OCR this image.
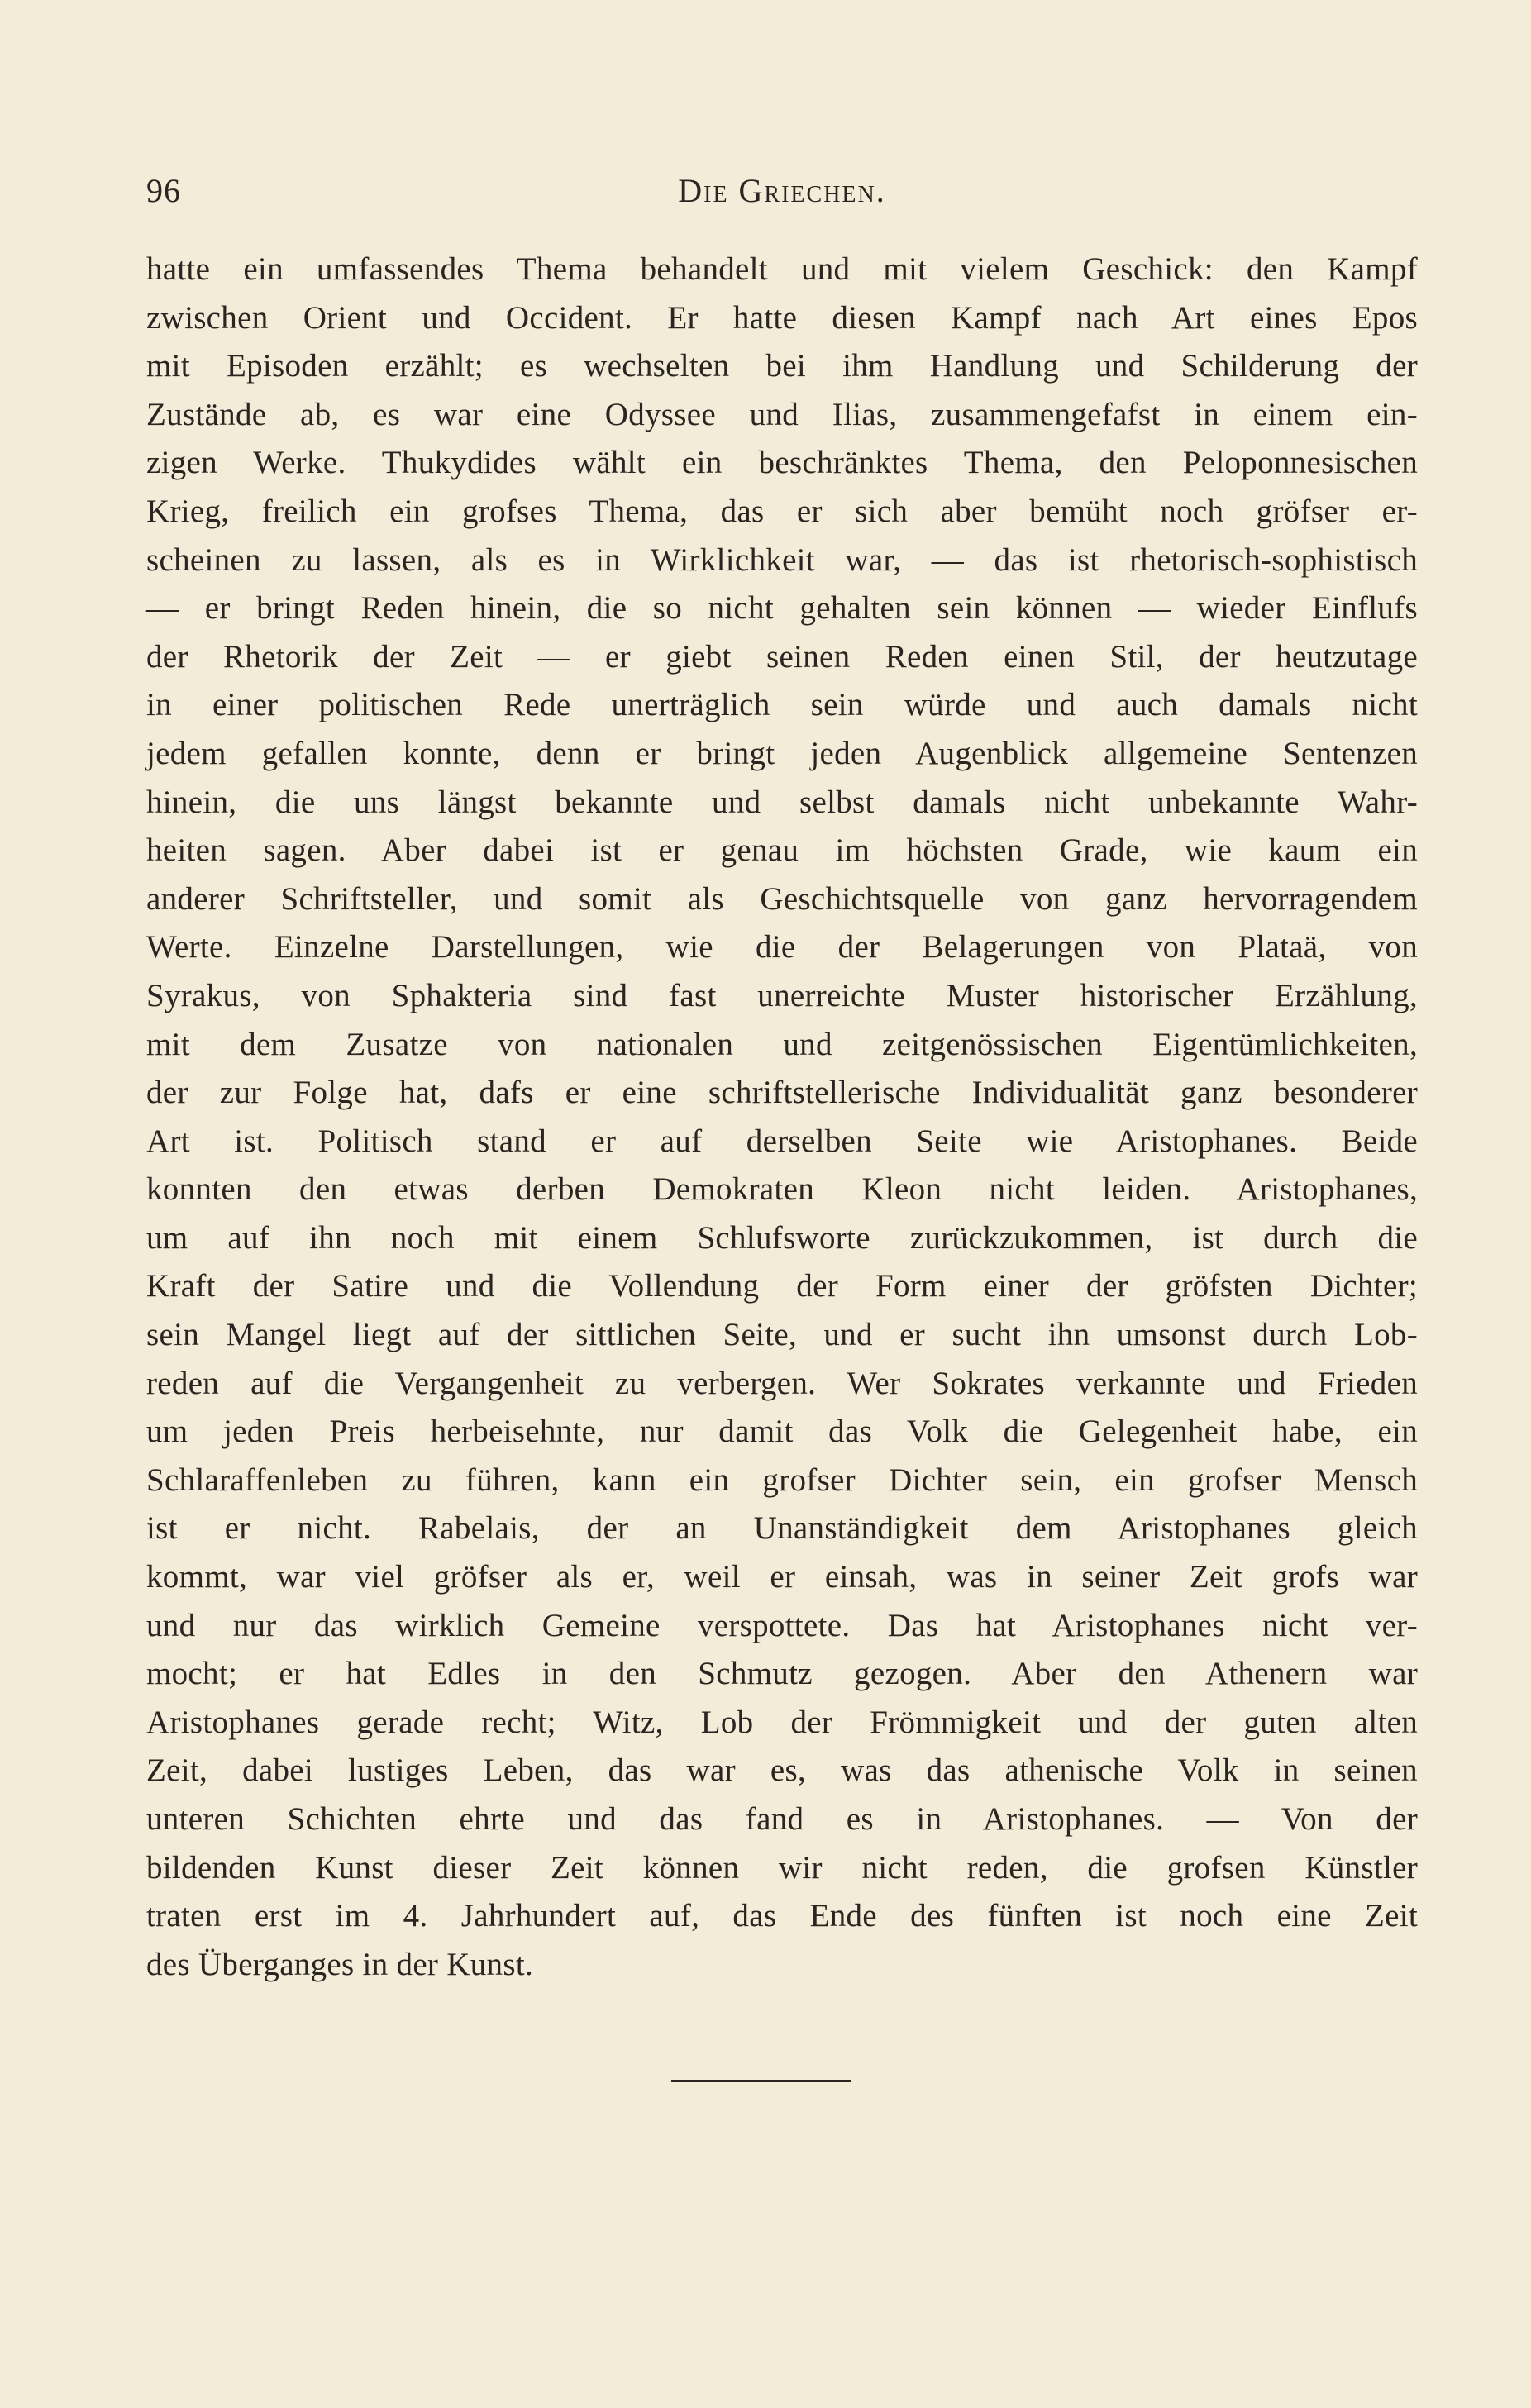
96	Die Griechen.
hatte ein umfassendes Thema behandelt und mit vielem Geschick: den Kampf
zwischen Orient und Occident. Er hatte diesen Kampf nach Art eines Epos
mit Episoden erzählt; es wechselten bei ihm Handlung und Schilderung der
Zustände ab, es war eine Odyssee und Ilias, zusammengefafst in einem ein-
zigen Werke. Thukydides wählt ein beschränktes Thema, den Peloponnesischen
Krieg, freilich ein grofses Thema, das er sich aber bemüht noch gröfser er-
scheinen zu lassen, als es in Wirklichkeit war, — das ist rhetorisch-sophistisch
— er bringt Reden hinein, die so nicht gehalten sein können — wieder Einflufs
der Rhetorik der Zeit — er giebt seinen Reden einen Stil, der heutzutage
in einer politischen Rede unerträglich sein würde und auch damals nicht
jedem gefallen konnte, denn er bringt jeden Augenblick allgemeine Sentenzen
hinein, die uns längst bekannte und selbst damals nicht unbekannte Wahr-
heiten sagen. Aber dabei ist er genau im höchsten Grade, wie kaum ein
anderer Schriftsteller, und somit als Geschichtsquelle von ganz hervorragendem
Werte. Einzelne Darstellungen, wie die der Belagerungen von Plataä, von
Syrakus, von Sphakteria sind fast unerreichte Muster historischer Erzählung,
mit dem Zusatze von nationalen und zeitgenössischen Eigentümlichkeiten,
der zur Folge hat, dafs er eine schriftstellerische Individualität ganz besonderer
Art ist. Politisch stand er auf derselben Seite wie Aristophanes. Beide
konnten den etwas derben Demokraten Kleon nicht leiden. Aristophanes,
um auf ihn noch mit einem Schlufsworte zurückzukommen, ist durch die
Kraft der Satire und die Vollendung der Form einer der gröfsten Dichter;
sein Mangel liegt auf der sittlichen Seite, und er sucht ihn umsonst durch Lob-
reden auf die Vergangenheit zu verbergen. Wer Sokrates verkannte und Frieden
um jeden Preis herbeisehnte, nur damit das Volk die Gelegenheit habe, ein
Schlaraffenleben zu führen, kann ein grofser Dichter sein, ein grofser Mensch
ist er nicht. Rabelais, der an Unanständigkeit dem Aristophanes gleich
kommt, war viel gröfser als er, weil er einsah, was in seiner Zeit grofs war
und nur das wirklich Gemeine verspottete. Das hat Aristophanes nicht ver-
mocht; er hat Edles in den Schmutz gezogen. Aber den Athenern war
Aristophanes gerade recht; Witz, Lob der Frömmigkeit und der guten alten
Zeit, dabei lustiges Leben, das war es, was das athenische Volk in seinen
unteren Schichten ehrte und das fand es in Aristophanes. — Von der
bildenden Kunst dieser Zeit können wir nicht reden, die grofsen Künstler
traten erst im 4. Jahrhundert auf, das Ende des fünften ist noch eine Zeit
des Überganges in der Kunst.
